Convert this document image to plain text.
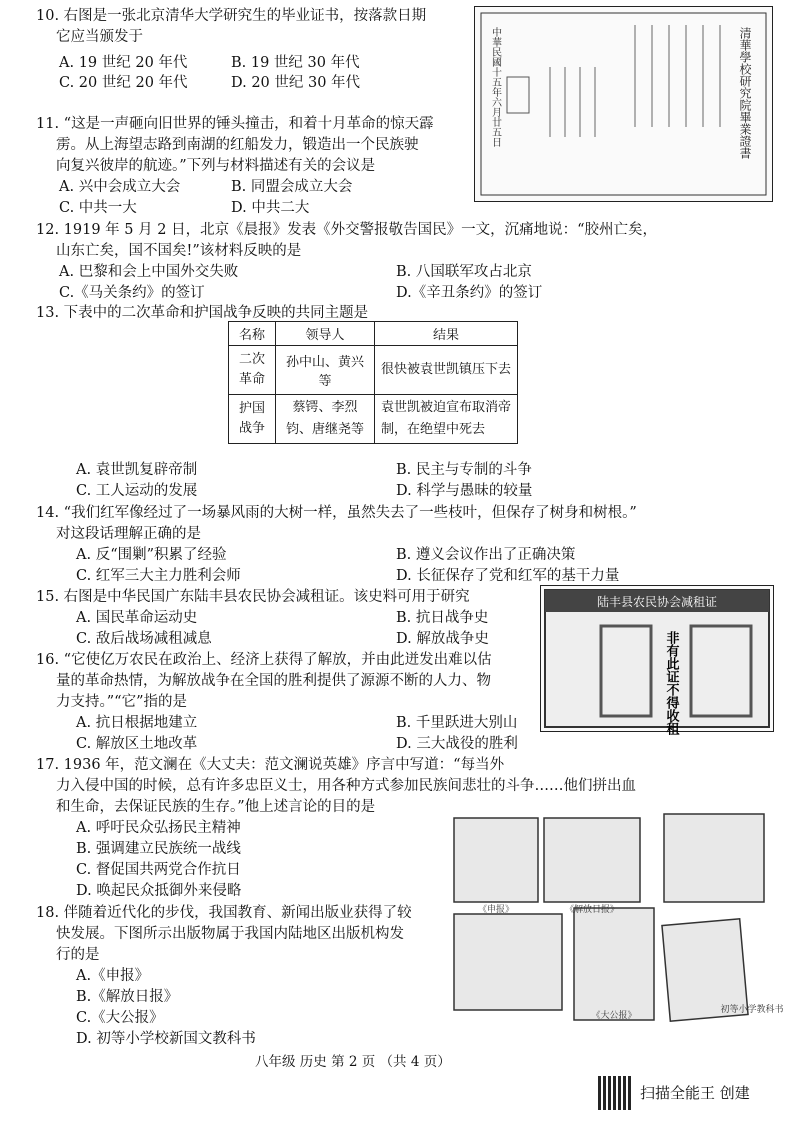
10. 右图是一张北京清华大学研究生的毕业证书，按落款日期
它应当颁发于
A. 19 世纪 20 年代	B. 19 世纪 30 年代
C. 20 世纪 20 年代	D. 20 世纪 30 年代	清華學校研究院畢業證書
中華民國十五年六月廿五日
11. “这是一声砸向旧世界的锤头撞击，和着十月革命的惊天霹
雳。从上海望志路到南湖的红船发力，锻造出一个民族驶
向复兴彼岸的航迹。”下列与材料描述有关的会议是
A. 兴中会成立大会	B. 同盟会成立大会
C. 中共一大	D. 中共二大
12. 1919 年 5 月 2 日，北京《晨报》发表《外交警报敬告国民》一文，沉痛地说：“胶州亡矣，
山东亡矣，国不国矣!”该材料反映的是
A. 巴黎和会上中国外交失败	B. 八国联军攻占北京
C.《马关条约》的签订	D.《辛丑条约》的签订
13. 下表中的二次革命和护国战争反映的共同主题是
名称	领导人	结果
二次革命	孙中山、黄兴等	很快被袁世凯镇压下去
护国战争	蔡锷、李烈钧、唐继尧等	袁世凯被迫宣布取消帝制，在绝望中死去
A. 袁世凯复辟帝制	B. 民主与专制的斗争
C. 工人运动的发展	D. 科学与愚昧的较量
14. “我们红军像经过了一场暴风雨的大树一样，虽然失去了一些枝叶，但保存了树身和树根。”
对这段话理解正确的是
A. 反“围剿”积累了经验	B. 遵义会议作出了正确决策
C. 红军三大主力胜利会师	D. 长征保存了党和红军的基干力量
15. 右图是中华民国广东陆丰县农民协会减租证。该史料可用于研究
A. 国民革命运动史	B. 抗日战争史
C. 敌后战场减租减息	D. 解放战争史
陆丰县农民协会减租证
非有此证不得收租
16. “它使亿万农民在政治上、经济上获得了解放，并由此迸发出难以估
量的革命热情，为解放战争在全国的胜利提供了源源不断的人力、物
力支持。”“它”指的是
A. 抗日根据地建立	B. 千里跃进大别山
C. 解放区土地改革	D. 三大战役的胜利
17. 1936 年，范文澜在《大丈夫：范文澜说英雄》序言中写道：“每当外
力入侵中国的时候，总有许多忠臣义士，用各种方式参加民族间悲壮的斗争……他们拼出血
和生命，去保证民族的生存。”他上述言论的目的是
A. 呼吁民众弘扬民主精神
B. 强调建立民族统一战线
C. 督促国共两党合作抗日
D. 唤起民众抵御外来侵略
《申报》	《解放日报》
《大公报》
初等小学教科书
18. 伴随着近代化的步伐，我国教育、新闻出版业获得了较
快发展。下图所示出版物属于我国内陆地区出版机构发
行的是
A.《申报》
B.《解放日报》
C.《大公报》
D. 初等小学校新国文教科书
八年级 历史 第 2 页 （共 4 页）
扫描全能王 创建
